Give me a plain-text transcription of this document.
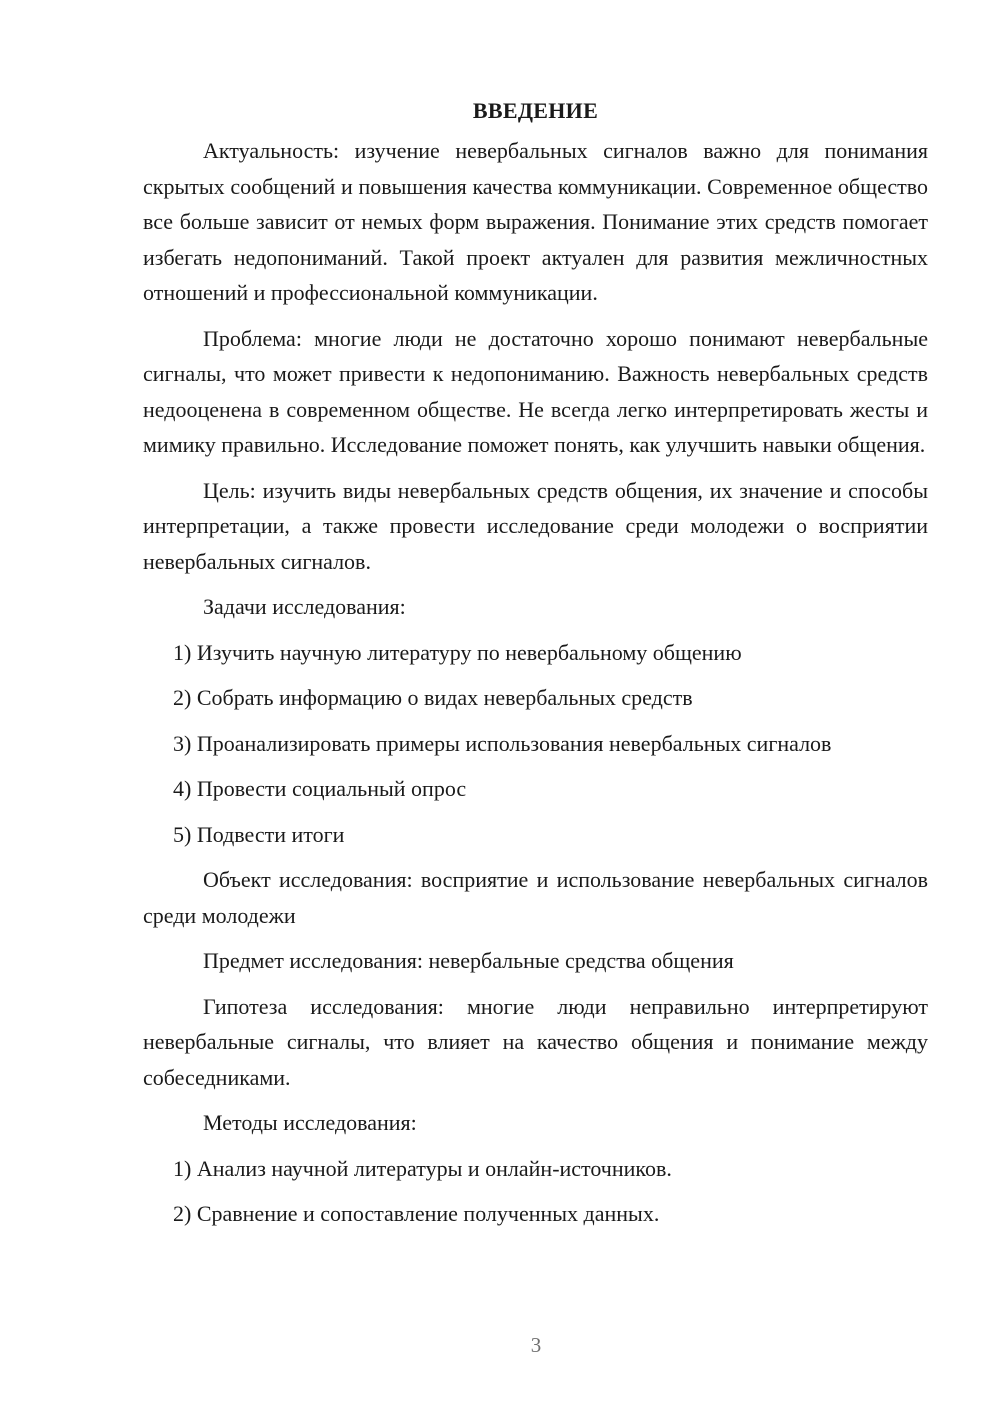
ВВЕДЕНИЕ

Актуальность: изучение невербальных сигналов важно для понимания скрытых сообщений и повышения качества коммуникации. Современное общество все больше зависит от немых форм выражения. Понимание этих средств помогает избегать недопониманий. Такой проект актуален для развития межличностных отношений и профессиональной коммуникации.

Проблема: многие люди не достаточно хорошо понимают невербальные сигналы, что может привести к недопониманию. Важность невербальных средств недооценена в современном обществе. Не всегда легко интерпретировать жесты и мимику правильно. Исследование поможет понять, как улучшить навыки общения.

Цель: изучить виды невербальных средств общения, их значение и способы интерпретации, а также провести исследование среди молодежи о восприятии невербальных сигналов.

Задачи исследования:

1) Изучить научную литературу по невербальному общению
2) Собрать информацию о видах невербальных средств
3) Проанализировать примеры использования невербальных сигналов
4) Провести социальный опрос
5) Подвести итоги

Объект исследования: восприятие и использование невербальных сигналов среди молодежи

Предмет исследования: невербальные средства общения

Гипотеза исследования: многие люди неправильно интерпретируют невербальные сигналы, что влияет на качество общения и понимание между собеседниками.

Методы исследования:

1) Анализ научной литературы и онлайн-источников.
2) Сравнение и сопоставление полученных данных.
3
